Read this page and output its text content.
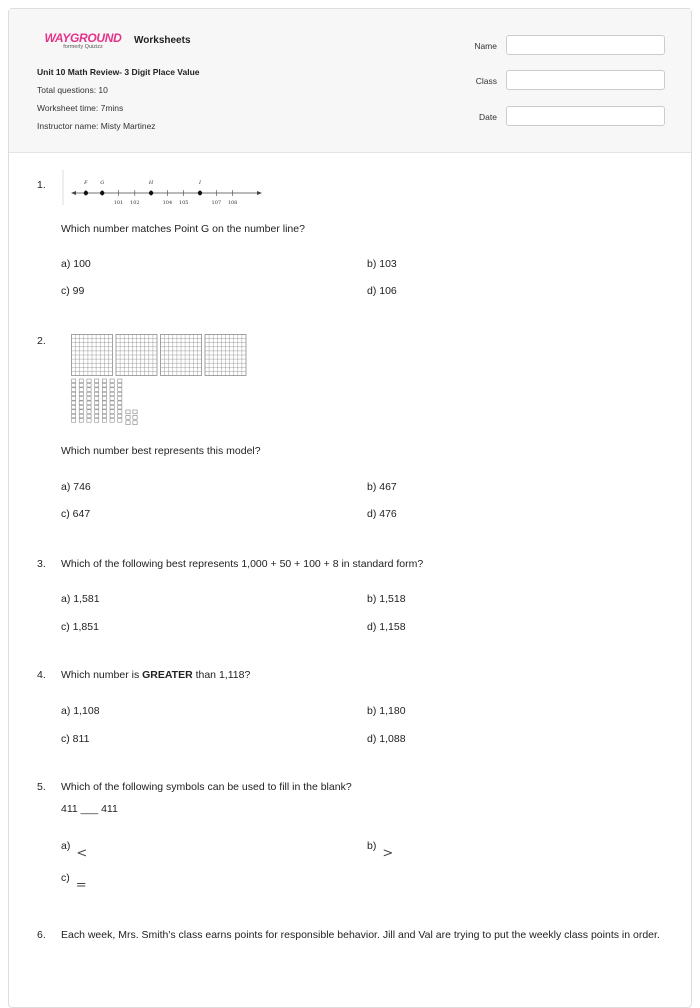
WAYGROUND
formerly Quizizz
Worksheets
Unit 10 Math Review- 3 Digit Place Value
Total questions: 10
Worksheet time: 7mins
Instructor name: Misty Martinez
Name
Class
Date
1.
101 102	104 105	107 108
F	G	H	I
Which number matches Point G on the number line?
a) 100	b) 103
c) 99	d) 106
2.
Which number best represents this model?
a) 746	b) 467
c) 647	d) 476
3. Which of the following best represents 1,000 + 50 + 100 + 8 in standard form?
a) 1,581	b) 1,518
c) 1,851	d) 1,158
4. Which number is GREATER than 1,118?
a) 1,108	b) 1,180
c) 811	d) 1,088
5. Which of the following symbols can be used to fill in the blank?
411 ___ 411
a) <	b) >
c) =
6. Each week, Mrs. Smith's class earns points for responsible behavior. Jill and Val are trying to put the weekly class points in order.
